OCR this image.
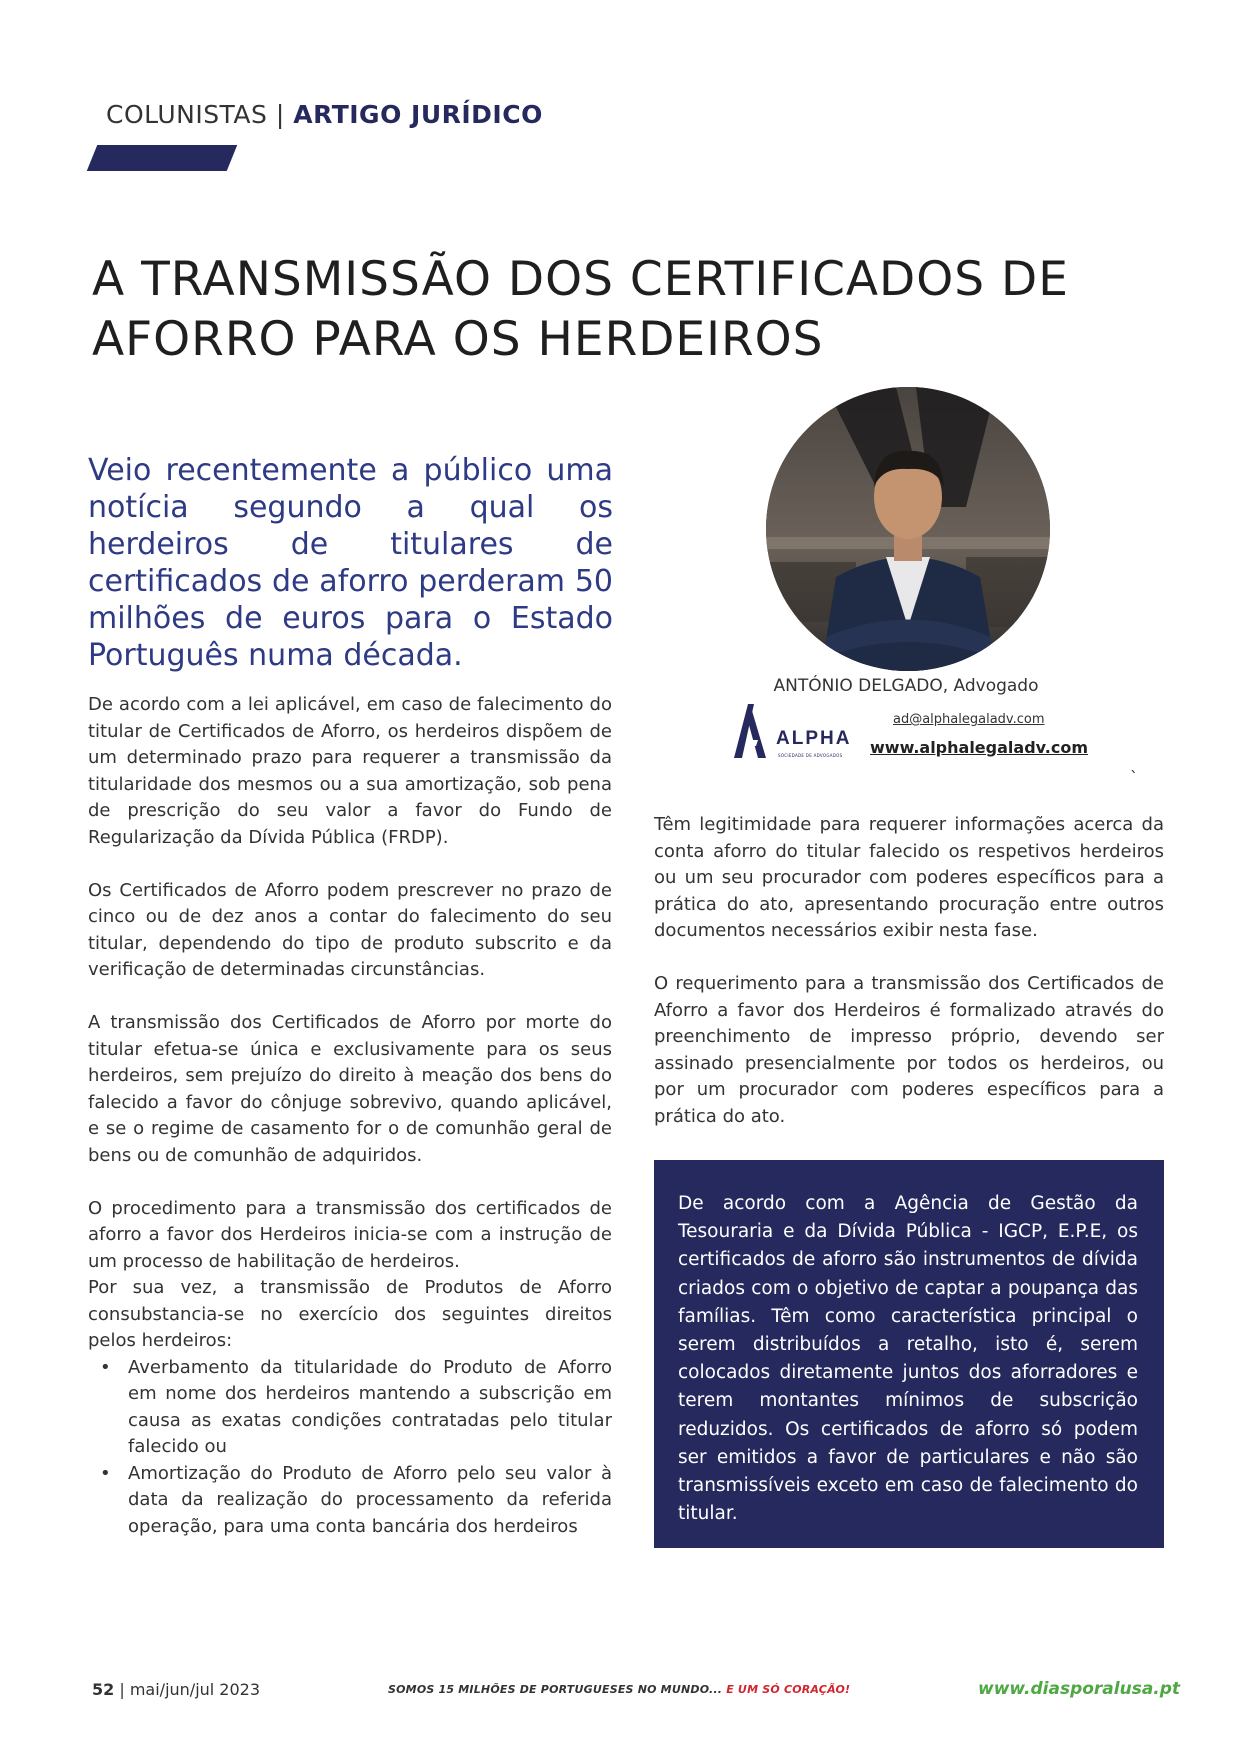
COLUNISTAS | ARTIGO JURÍDICO
A TRANSMISSÃO DOS CERTIFICADOS DE
AFORRO PARA OS HERDEIROS

Veio recentemente a público uma notícia segundo a qual os herdeiros de titulares de certificados de aforro perderam 50 milhões de euros para o Estado Português numa década.

De acordo com a lei aplicável, em caso de falecimento do titular de Certificados de Aforro, os herdeiros dispõem de um determinado prazo para requerer a transmissão da titularidade dos mesmos ou a sua amortização, sob pena de prescrição do seu valor a favor do Fundo de Regularização da Dívida Pública (FRDP).

Os Certificados de Aforro podem prescrever no prazo de cinco ou de dez anos a contar do falecimento do seu titular, dependendo do tipo de produto subscrito e da verificação de determinadas circunstâncias.

A transmissão dos Certificados de Aforro por morte do titular efetua-se única e exclusivamente para os seus herdeiros, sem prejuízo do direito à meação dos bens do falecido a favor do cônjuge sobrevivo, quando aplicável, e se o regime de casamento for o de comunhão geral de bens ou de comunhão de adquiridos.

O procedimento para a transmissão dos certificados de aforro a favor dos Herdeiros inicia-se com a instrução de um processo de habilitação de herdeiros.

Por sua vez, a transmissão de Produtos de Aforro consubstancia-se no exercício dos seguintes direitos pelos herdeiros:

• Averbamento da titularidade do Produto de Aforro em nome dos herdeiros mantendo a subscrição em causa as exatas condições contratadas pelo titular falecido ou
• Amortização do Produto de Aforro pelo seu valor à data da realização do processamento da referida operação, para uma conta bancária dos herdeiros
ANTÓNIO DELGADO, Advogado
ALPHA
SOCIEDADE DE ADVOGADOS
ad@alphalegaladv.com
www.alphalegaladv.com
`

Têm legitimidade para requerer informações acerca da conta aforro do titular falecido os respetivos herdeiros ou um seu procurador com poderes específicos para a prática do ato, apresentando procuração entre outros documentos necessários exibir nesta fase.

O requerimento para a transmissão dos Certificados de Aforro a favor dos Herdeiros é formalizado através do preenchimento de impresso próprio, devendo ser assinado presencialmente por todos os herdeiros, ou por um procurador com poderes específicos para a prática do ato.

De acordo com a Agência de Gestão da Tesouraria e da Dívida Pública - IGCP, E.P.E, os certificados de aforro são instrumentos de dívida criados com o objetivo de captar a poupança das famílias. Têm como característica principal o serem distribuídos a retalho, isto é, serem colocados diretamente juntos dos aforradores e terem montantes mínimos de subscrição reduzidos. Os certificados de aforro só podem ser emitidos a favor de particulares e não são transmissíveis exceto em caso de falecimento do titular.

52 | mai/jun/jul 2023	SOMOS 15 MILHÕES DE PORTUGUESES NO MUNDO... E UM SÓ CORAÇÃO!	www.diasporalusa.pt
